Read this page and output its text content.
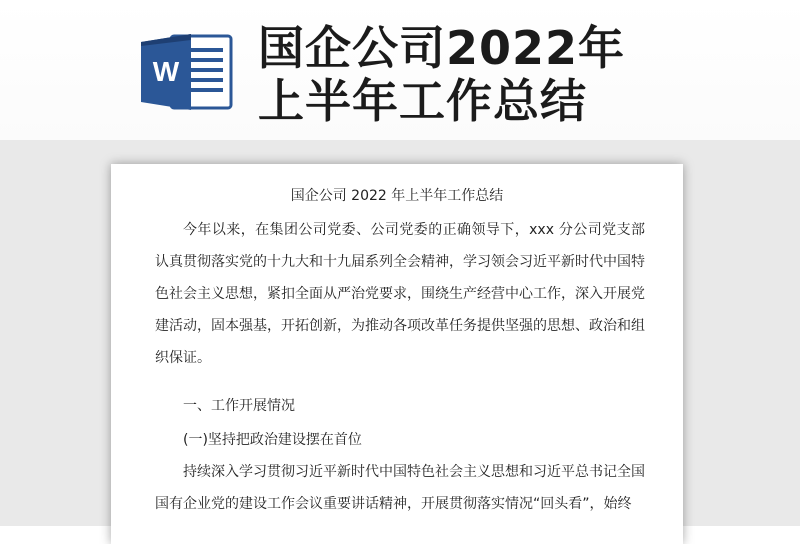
W 国企公司2022年
上半年工作总结
国企公司 2022 年上半年工作总结
今年以来，在集团公司党委、公司党委的正确领导下，xxx 分公司党支部认真贯彻落实党的十九大和十九届系列全会精神，学习领会习近平新时代中国特色社会主义思想，紧扣全面从严治党要求，围绕生产经营中心工作，深入开展党建活动，固本强基，开拓创新，为推动各项改革任务提供坚强的思想、政治和组织保证。
一、工作开展情况
(一)坚持把政治建设摆在首位
持续深入学习贯彻习近平新时代中国特色社会主义思想和习近平总书记全国国有企业党的建设工作会议重要讲话精神，开展贯彻落实情况“回头看”，始终
